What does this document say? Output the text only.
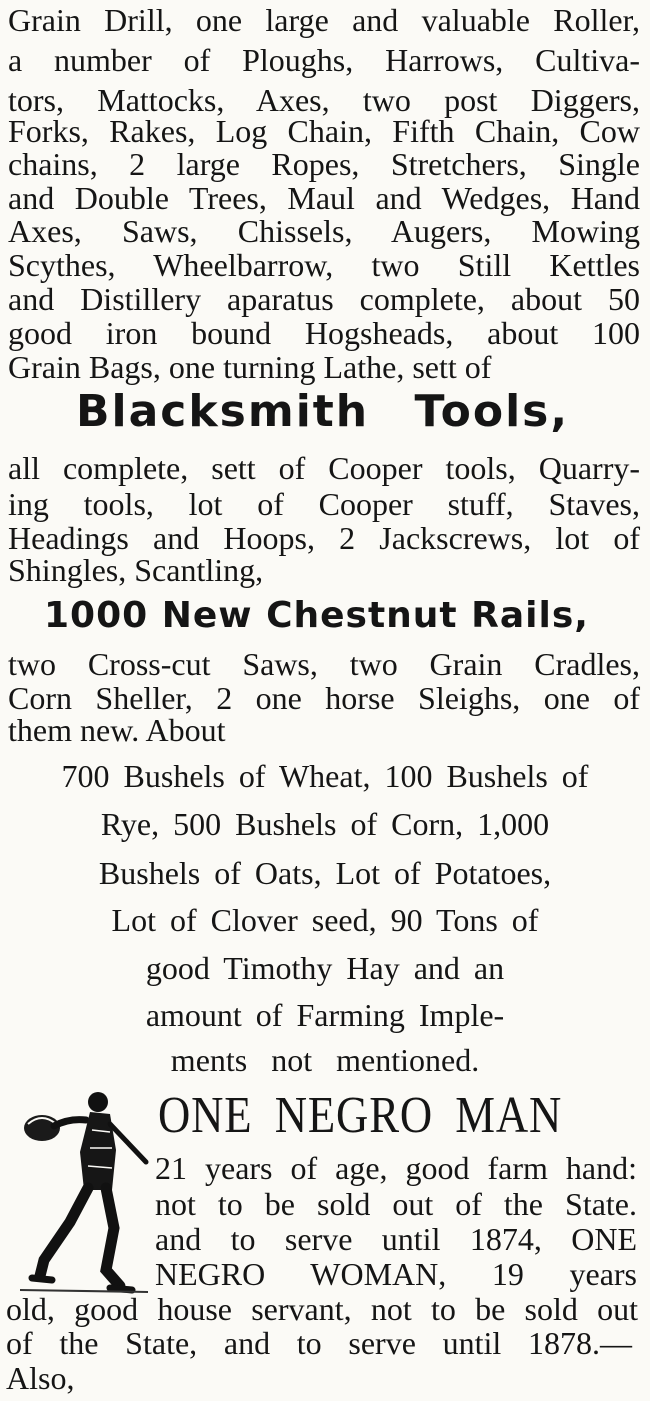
Grain Drill, one large and valuable Roller,
a number of Ploughs, Harrows, Cultiva-
tors, Mattocks, Axes, two post Diggers,
Forks, Rakes, Log Chain, Fifth Chain, Cow
chains, 2 large Ropes, Stretchers, Single
and Double Trees, Maul and Wedges, Hand
Axes, Saws, Chissels, Augers, Mowing
Scythes, Wheelbarrow, two Still Kettles
and Distillery aparatus complete, about 50
good iron bound Hogsheads, about 100
Grain Bags, one turning Lathe, sett of
Blacksmith Tools,
all complete, sett of Cooper tools, Quarry-
ing tools, lot of Cooper stuff, Staves,
Headings and Hoops, 2 Jackscrews, lot of
Shingles, Scantling,
1000 New Chestnut Rails,
two Cross-cut Saws, two Grain Cradles,
Corn Sheller, 2 one horse Sleighs, one of
them new. About
700 Bushels of Wheat, 100 Bushels of
Rye, 500 Bushels of Corn, 1,000
Bushels of Oats, Lot of Potatoes,
Lot of Clover seed, 90 Tons of
good Timothy Hay and an
amount of Farming Imple-
ments not mentioned.
ONE NEGRO MAN
21 years of age, good farm hand:
not to be sold out of the State.
and to serve until 1874, ONE
NEGRO WOMAN, 19 years
old, good house servant, not to be sold out
of the State, and to serve until 1878.—
Also,
